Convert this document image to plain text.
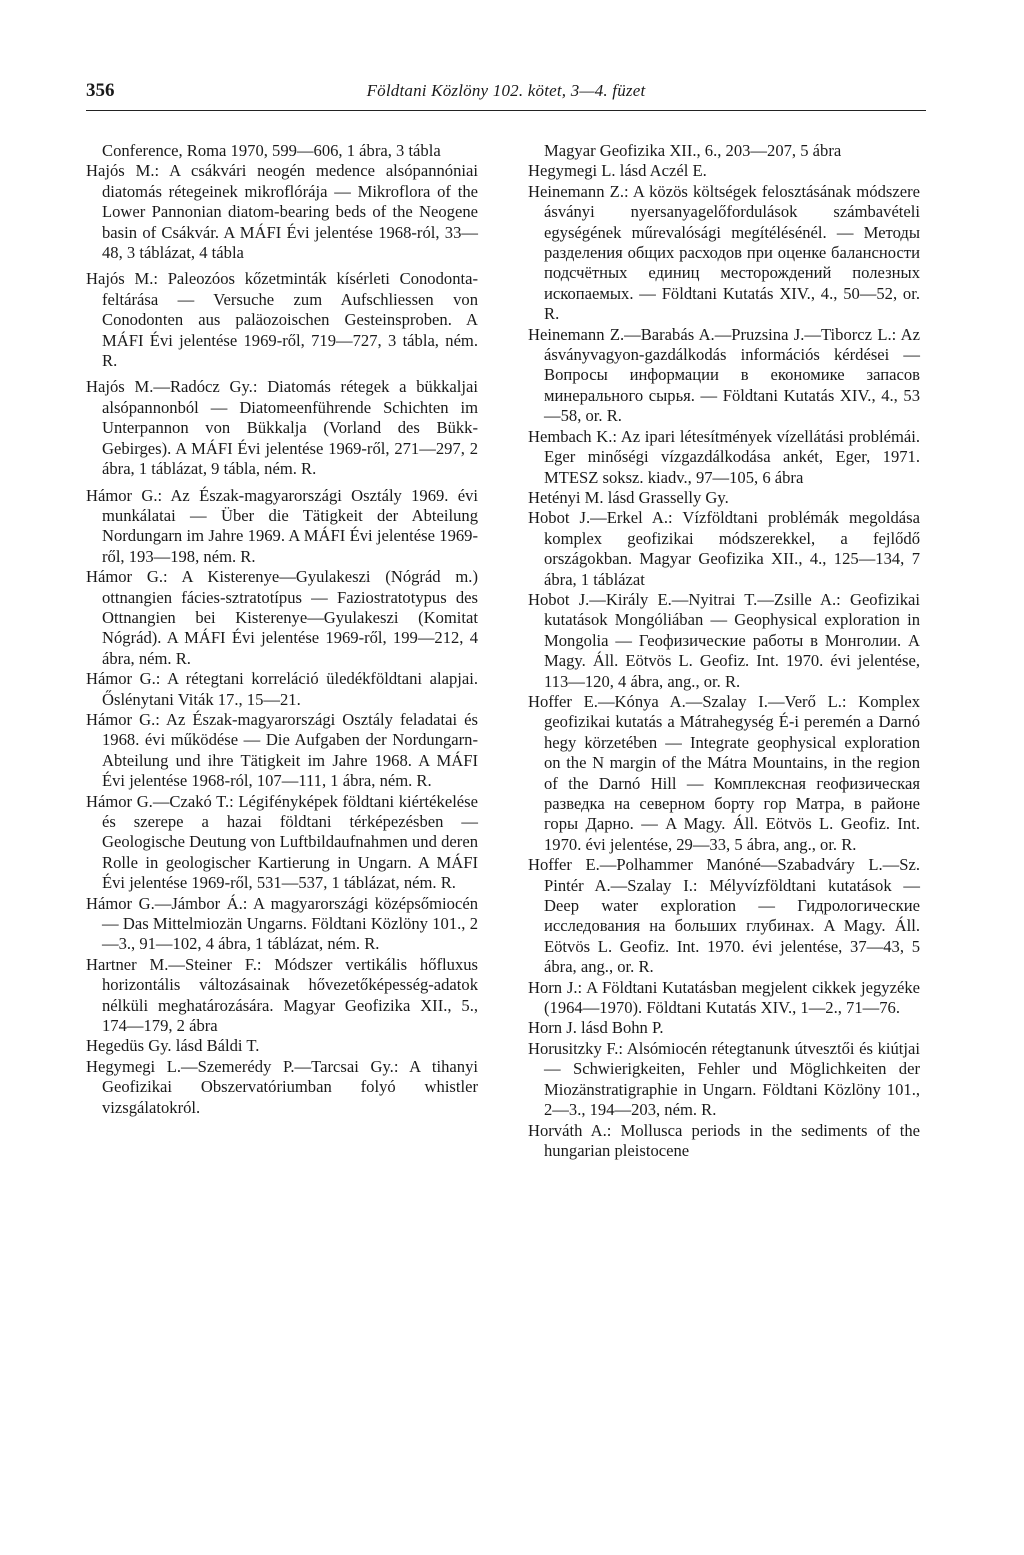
356	Földtani Közlöny 102. kötet, 3—4. füzet

Conference, Roma 1970, 599—606, 1 ábra, 3 tábla

Hajós M.: A csákvári neogén medence alsópannóniai diatomás rétegeinek mikroflórája — Mikroflora of the Lower Pannonian diatom-bearing beds of the Neogene basin of Csákvár. A MÁFI Évi jelentése 1968-ról, 33—48, 3 táblázat, 4 tábla

Hajós M.: Paleozóos kőzetminták kísérleti Conodonta-feltárása — Versuche zum Aufschliessen von Conodonten aus paläozoischen Gesteinsproben. A MÁFI Évi jelentése 1969-ről, 719—727, 3 tábla, ném. R.

Hajós M.—Radócz Gy.: Diatomás rétegek a bükkaljai alsópannonból — Diatomeenführende Schichten im Unterpannon von Bükkalja (Vorland des Bükk-Gebirges). A MÁFI Évi jelentése 1969-ről, 271—297, 2 ábra, 1 táblázat, 9 tábla, ném. R.

Hámor G.: Az Észak-magyarországi Osztály 1969. évi munkálatai — Über die Tätigkeit der Abteilung Nordungarn im Jahre 1969. A MÁFI Évi jelentése 1969-ről, 193—198, ném. R.

Hámor G.: A Kisterenye—Gyulakeszi (Nógrád m.) ottnangien fácies-sztratotípus — Faziostratotypus des Ottnangien bei Kisterenye—Gyulakeszi (Komitat Nógrád). A MÁFI Évi jelentése 1969-ről, 199—212, 4 ábra, ném. R.

Hámor G.: A rétegtani korreláció üledékföldtani alapjai. Őslénytani Viták 17., 15—21.

Hámor G.: Az Észak-magyarországi Osztály feladatai és 1968. évi működése — Die Aufgaben der Nordungarn-Abteilung und ihre Tätigkeit im Jahre 1968. A MÁFI Évi jelentése 1968-ról, 107—111, 1 ábra, ném. R.

Hámor G.—Czakó T.: Légifényképek földtani kiértékelése és szerepe a hazai földtani térképezésben — Geologische Deutung von Luftbildaufnahmen und deren Rolle in geologischer Kartierung in Ungarn. A MÁFI Évi jelentése 1969-ről, 531—537, 1 táblázat, ném. R.

Hámor G.—Jámbor Á.: A magyarországi középsőmiocén — Das Mittelmiozän Ungarns. Földtani Közlöny 101., 2—3., 91—102, 4 ábra, 1 táblázat, ném. R.

Hartner M.—Steiner F.: Módszer vertikális hőfluxus horizontális változásainak hővezetőképesség-adatok nélküli meghatározására. Magyar Geofizika XII., 5., 174—179, 2 ábra

Hegedüs Gy. lásd Báldi T.

Hegymegi L.—Szemerédy P.—Tarcsai Gy.: A tihanyi Geofizikai Obszervatóriumban folyó whistler vizsgálatokról.

Magyar Geofizika XII., 6., 203—207, 5 ábra

Hegymegi L. lásd Aczél E.

Heinemann Z.: A közös költségek felosztásának módszere ásványi nyersanyagelőfordulások számbavételi egységének műrevalósági megítélésénél. — Методы разделения общих расходов при оценке балансности подсчётных единиц месторождений полезных ископаемых. — Földtani Kutatás XIV., 4., 50—52, or. R.

Heinemann Z.—Barabás A.—Pruzsina J.—Tiborcz L.: Az ásványvagyon-gazdálkodás információs kérdései — Вопросы информации в економике запасов минерального сырья. — Földtani Kutatás XIV., 4., 53—58, or. R.

Hembach K.: Az ipari létesítmények vízellátási problémái. Eger minőségi vízgazdálkodása ankét, Eger, 1971. MTESZ soksz. kiadv., 97—105, 6 ábra

Hetényi M. lásd Grasselly Gy.

Hobot J.—Erkel A.: Vízföldtani problémák megoldása komplex geofizikai módszerekkel, a fejlődő országokban. Magyar Geofizika XII., 4., 125—134, 7 ábra, 1 táblázat

Hobot J.—Király E.—Nyitrai T.—Zsille A.: Geofizikai kutatások Mongóliában — Geophysical exploration in Mongolia — Геофизические работы в Монголии. A Magy. Áll. Eötvös L. Geofiz. Int. 1970. évi jelentése, 113—120, 4 ábra, ang., or. R.

Hoffer E.—Kónya A.—Szalay I.—Verő L.: Komplex geofizikai kutatás a Mátrahegység É-i peremén a Darnó hegy körzetében — Integrate geophysical exploration on the N margin of the Mátra Mountains, in the region of the Darnó Hill — Комплексная геофизическая разведка на северном борту гор Матра, в районе горы Дарно. — A Magy. Áll. Eötvös L. Geofiz. Int. 1970. évi jelentése, 29—33, 5 ábra, ang., or. R.

Hoffer E.—Polhammer Manóné—Szabadváry L.—Sz. Pintér A.—Szalay I.: Mélyvízföldtani kutatások — Deep water exploration — Гидрологические исследования на больших глубинах. A Magy. Áll. Eötvös L. Geofiz. Int. 1970. évi jelentése, 37—43, 5 ábra, ang., or. R.

Horn J.: A Földtani Kutatásban megjelent cikkek jegyzéke (1964—1970). Földtani Kutatás XIV., 1—2., 71—76.

Horn J. lásd Bohn P.

Horusitzky F.: Alsómiocén rétegtanunk útvesztői és kiútjai — Schwierigkeiten, Fehler und Möglichkeiten der Miozänstratigraphie in Ungarn. Földtani Közlöny 101., 2—3., 194—203, ném. R.

Horváth A.: Mollusca periods in the sediments of the hungarian pleistocene
